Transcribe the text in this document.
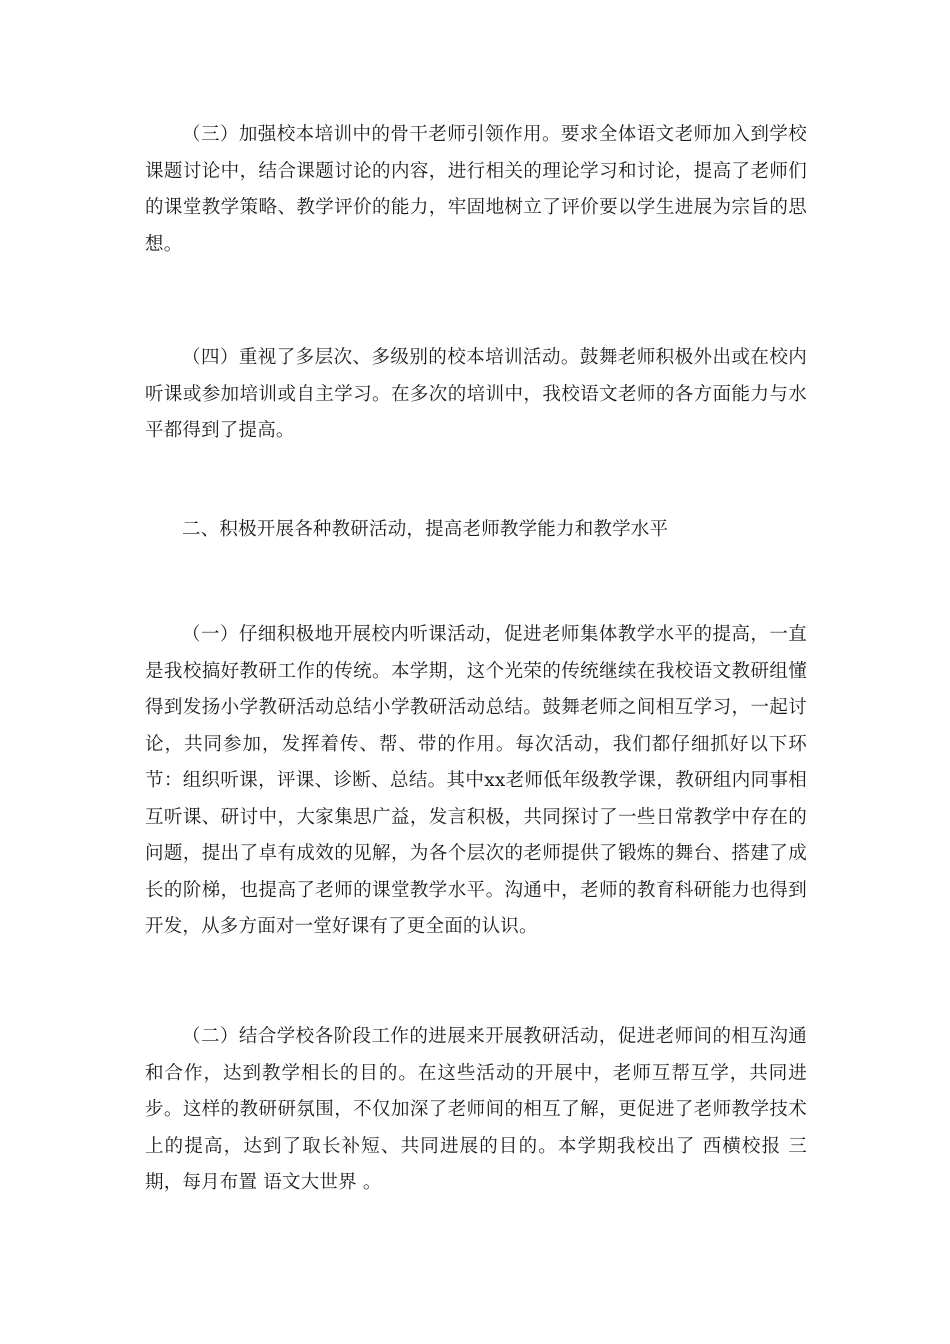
（三）加强校本培训中的骨干老师引领作用。要求全体语文老师加入到学校课题讨论中，结合课题讨论的内容，进行相关的理论学习和讨论，提高了老师们的课堂教学策略、教学评价的能力，牢固地树立了评价要以学生进展为宗旨的思想。

（四）重视了多层次、多级别的校本培训活动。鼓舞老师积极外出或在校内听课或参加培训或自主学习。在多次的培训中，我校语文老师的各方面能力与水平都得到了提高。

二、积极开展各种教研活动，提高老师教学能力和教学水平

（一）仔细积极地开展校内听课活动，促进老师集体教学水平的提高，一直是我校搞好教研工作的传统。本学期，这个光荣的传统继续在我校语文教研组懂得到发扬小学教研活动总结小学教研活动总结。鼓舞老师之间相互学习，一起讨论，共同参加，发挥着传、帮、带的作用。每次活动，我们都仔细抓好以下环节：组织听课，评课、诊断、总结。其中xx老师低年级教学课，教研组内同事相互听课、研讨中，大家集思广益，发言积极，共同探讨了一些日常教学中存在的问题，提出了卓有成效的见解，为各个层次的老师提供了锻炼的舞台、搭建了成长的阶梯，也提高了老师的课堂教学水平。沟通中，老师的教育科研能力也得到开发，从多方面对一堂好课有了更全面的认识。

（二）结合学校各阶段工作的进展来开展教研活动，促进老师间的相互沟通和合作，达到教学相长的目的。在这些活动的开展中，老师互帮互学，共同进步。这样的教研研氛围，不仅加深了老师间的相互了解，更促进了老师教学技术上的提高，达到了取长补短、共同进展的目的。本学期我校出了 西横校报 三期，每月布置 语文大世界 。
